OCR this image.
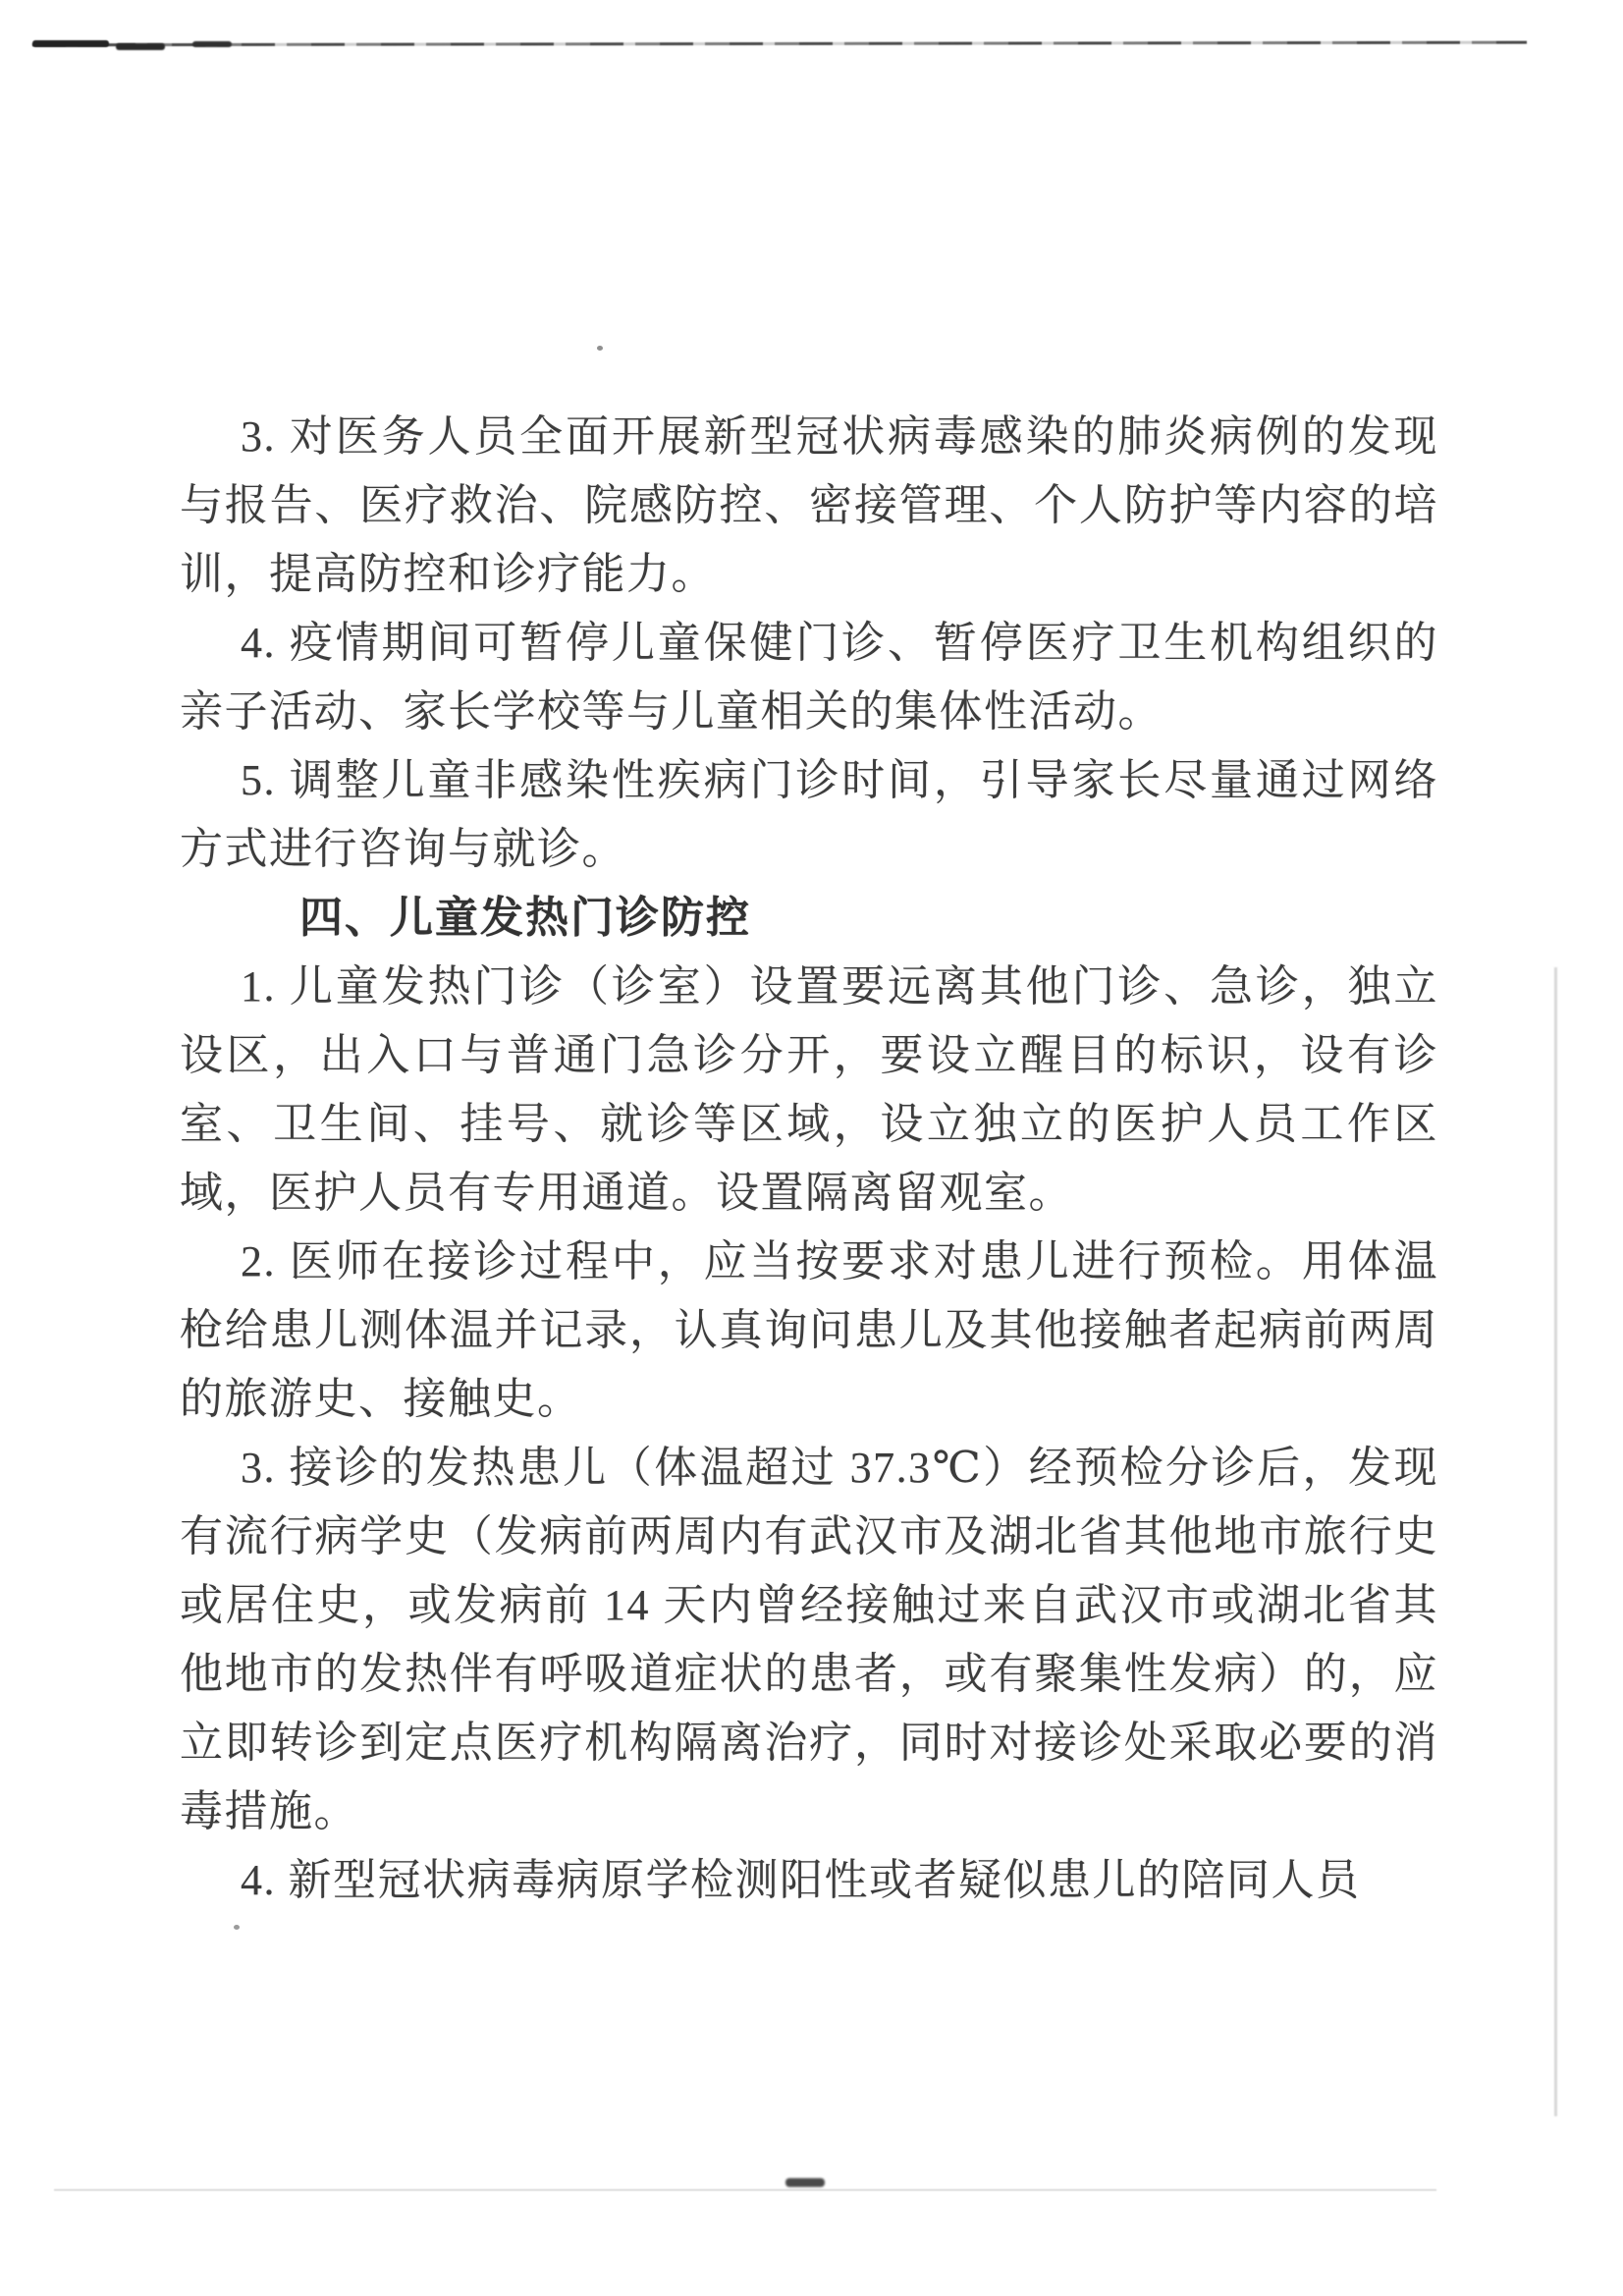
3. 对医务人员全面开展新型冠状病毒感染的肺炎病例的发现与报告、医疗救治、院感防控、密接管理、个人防护等内容的培训，提高防控和诊疗能力。

4. 疫情期间可暂停儿童保健门诊、暂停医疗卫生机构组织的亲子活动、家长学校等与儿童相关的集体性活动。

5. 调整儿童非感染性疾病门诊时间，引导家长尽量通过网络方式进行咨询与就诊。

四、儿童发热门诊防控

1. 儿童发热门诊（诊室）设置要远离其他门诊、急诊，独立设区，出入口与普通门急诊分开，要设立醒目的标识，设有诊室、卫生间、挂号、就诊等区域，设立独立的医护人员工作区域，医护人员有专用通道。设置隔离留观室。

2. 医师在接诊过程中，应当按要求对患儿进行预检。用体温枪给患儿测体温并记录，认真询问患儿及其他接触者起病前两周的旅游史、接触史。

3. 接诊的发热患儿（体温超过 37.3℃）经预检分诊后，发现有流行病学史（发病前两周内有武汉市及湖北省其他地市旅行史或居住史，或发病前 14 天内曾经接触过来自武汉市或湖北省其他地市的发热伴有呼吸道症状的患者，或有聚集性发病）的，应立即转诊到定点医疗机构隔离治疗，同时对接诊处采取必要的消毒措施。

4. 新型冠状病毒病原学检测阳性或者疑似患儿的陪同人员
